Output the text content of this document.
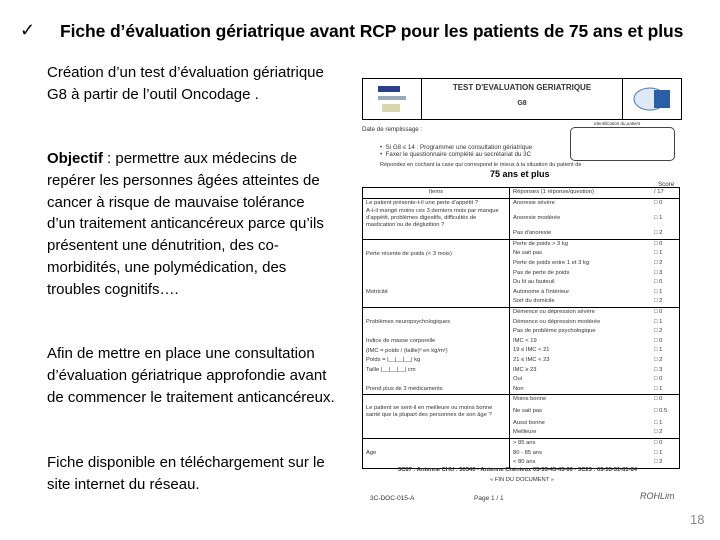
✓ Fiche d’évaluation gériatrique avant RCP pour les patients de 75 ans et plus
Création d’un test d’évaluation gériatrique G8 à partir de l’outil Oncodage .
Objectif : permettre aux médecins de repérer les personnes âgées atteintes de cancer à risque de mauvaise tolérance d’un traitement anticancéreux parce qu’ils présentent une dénutrition, des co-morbidités, une polymédication, des troubles cognitifs….
Afin de mettre en place une consultation d’évaluation gériatrique approfondie avant de commencer le traitement anticancéreux.
Fiche disponible en téléchargement sur le site internet du réseau.
TEST D'EVALUATION GERIATRIQUE
G8
Date de remplissage :
Identification du patient
•  Si G8 ≤ 14 : Programmer une consultation gériatrique
•  Faxer le questionnaire complété au secrétariat du 3C
Répondez en cochant la case qui correspond le mieux à la situation du patient de
75 ans et plus
Score
Items	Réponses (1 réponse/question)	/ 17
Le patient présente-t-il une perte d'appétit ?	Anorexie sévère	□ 0
A-t-il mangé moins ces 3 derniers mois par manque d'appétit, problèmes digestifs, difficultés de mastication ou de déglutition ?	Anorexie modérée	□ 1
	Pas d'anorexie	□ 2
	Perte de poids > 3 kg	□ 0
Perte récente de poids (< 3 mois)	Ne sait pas	□ 1
	Perte de poids entre 1 et 3 kg	□ 2
	Pas de perte de poids	□ 3
	Du lit au fauteuil	□ 0
Motricité	Autonome à l'intérieur	□ 1
	Sort du domicile	□ 2
	Démence ou dépression sévère	□ 0
Problèmes neuropsychologiques	Démence ou dépression modérée	□ 1
	Pas de problème psychologique	□ 2
Indice de masse corporelle	IMC < 19	□ 0
(IMC = poids / (taille)² en kg/m²)	19 ≤ IMC < 21	□ 1
Poids = |__|__|__| kg	21 ≤ IMC < 23	□ 2
Taille |__|__|__| cm	IMC ≥ 23	□ 3
	Oui	□ 0
Prend plus de 3 médicaments	Non	□ 1
	Moins bonne	□ 0
Le patient se sent-il en meilleure ou moins bonne santé que la plupart des personnes de son âge ?	Ne sait pas	□ 0.5
	Aussi bonne	□ 1
	Meilleure	□ 2
	> 85 ans	□ 0
Age	80 - 85 ans	□ 1
	< 80 ans	□ 2
3C87 : Antenne CHU : 50540 - Antenne Chénieux 05-55-45-45-60 - 3C23 : 05-55-51-81-84
« FIN DU DOCUMENT »
3C-DOC-015-A	Page 1 / 1	ROHLim
18
